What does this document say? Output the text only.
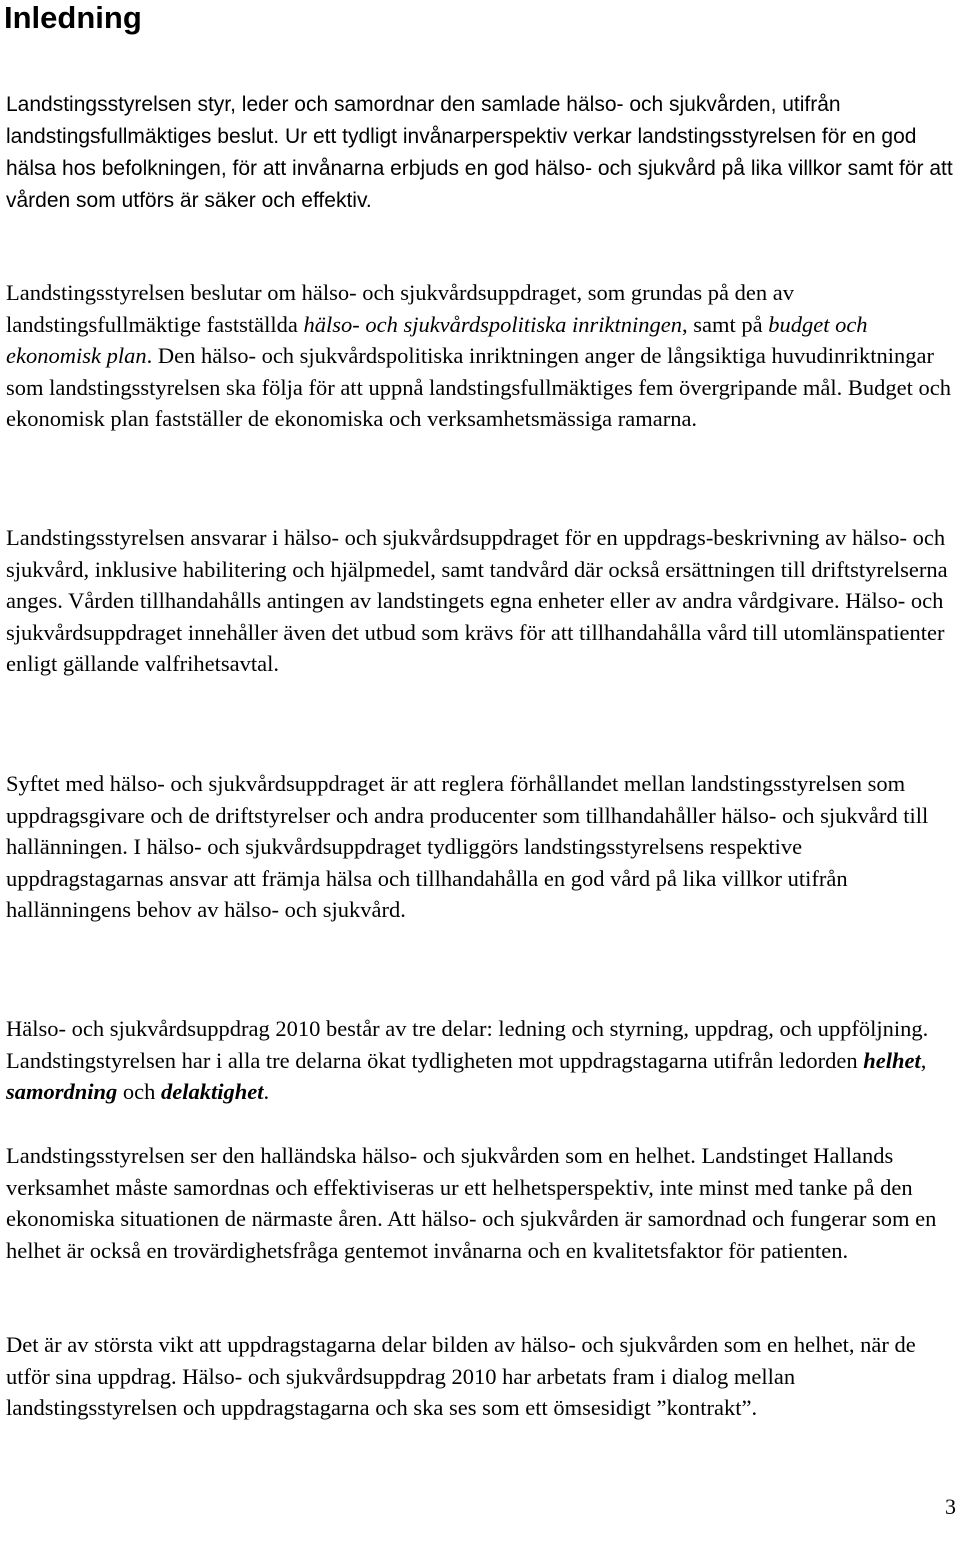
Inledning

Landstingsstyrelsen styr, leder och samordnar den samlade hälso- och sjukvården, utifrån landstingsfullmäktiges beslut. Ur ett tydligt invånarperspektiv verkar landstingsstyrelsen för en god hälsa hos befolkningen, för att invånarna erbjuds en god hälso- och sjukvård på lika villkor samt för att vården som utförs är säker och effektiv.

Landstingsstyrelsen beslutar om hälso- och sjukvårdsuppdraget, som grundas på den av landstingsfullmäktige fastställda hälso- och sjukvårdspolitiska inriktningen, samt på budget och ekonomisk plan. Den hälso- och sjukvårdspolitiska inriktningen anger de långsiktiga huvudinriktningar som landstingsstyrelsen ska följa för att uppnå landstingsfullmäktiges fem övergripande mål. Budget och ekonomisk plan fastställer de ekonomiska och verksamhetsmässiga ramarna.

Landstingsstyrelsen ansvarar i hälso- och sjukvårdsuppdraget för en uppdrags-beskrivning av hälso- och sjukvård, inklusive habilitering och hjälpmedel, samt tandvård där också ersättningen till driftstyrelserna anges. Vården tillhandahålls antingen av landstingets egna enheter eller av andra vårdgivare. Hälso- och sjukvårdsuppdraget innehåller även det utbud som krävs för att tillhandahålla vård till utomlänspatienter enligt gällande valfrihetsavtal.

Syftet med hälso- och sjukvårdsuppdraget är att reglera förhållandet mellan landstingsstyrelsen som uppdragsgivare och de driftstyrelser och andra producenter som tillhandahåller hälso- och sjukvård till hallänningen. I hälso- och sjukvårdsuppdraget tydliggörs landstingsstyrelsens respektive uppdragstagarnas ansvar att främja hälsa och tillhandahålla en god vård på lika villkor utifrån hallänningens behov av hälso- och sjukvård.

Hälso- och sjukvårdsuppdrag 2010 består av tre delar: ledning och styrning, uppdrag, och uppföljning. Landstingstyrelsen har i alla tre delarna ökat tydligheten mot uppdragstagarna utifrån ledorden helhet, samordning och delaktighet.

Landstingsstyrelsen ser den halländska hälso- och sjukvården som en helhet. Landstinget Hallands verksamhet måste samordnas och effektiviseras ur ett helhetsperspektiv, inte minst med tanke på den ekonomiska situationen de närmaste åren. Att hälso- och sjukvården är samordnad och fungerar som en helhet är också en trovärdighetsfråga gentemot invånarna och en kvalitetsfaktor för patienten.

Det är av största vikt att uppdragstagarna delar bilden av hälso- och sjukvården som en helhet, när de utför sina uppdrag. Hälso- och sjukvårdsuppdrag 2010 har arbetats fram i dialog mellan landstingsstyrelsen och uppdragstagarna och ska ses som ett ömsesidigt ”kontrakt”.

3
